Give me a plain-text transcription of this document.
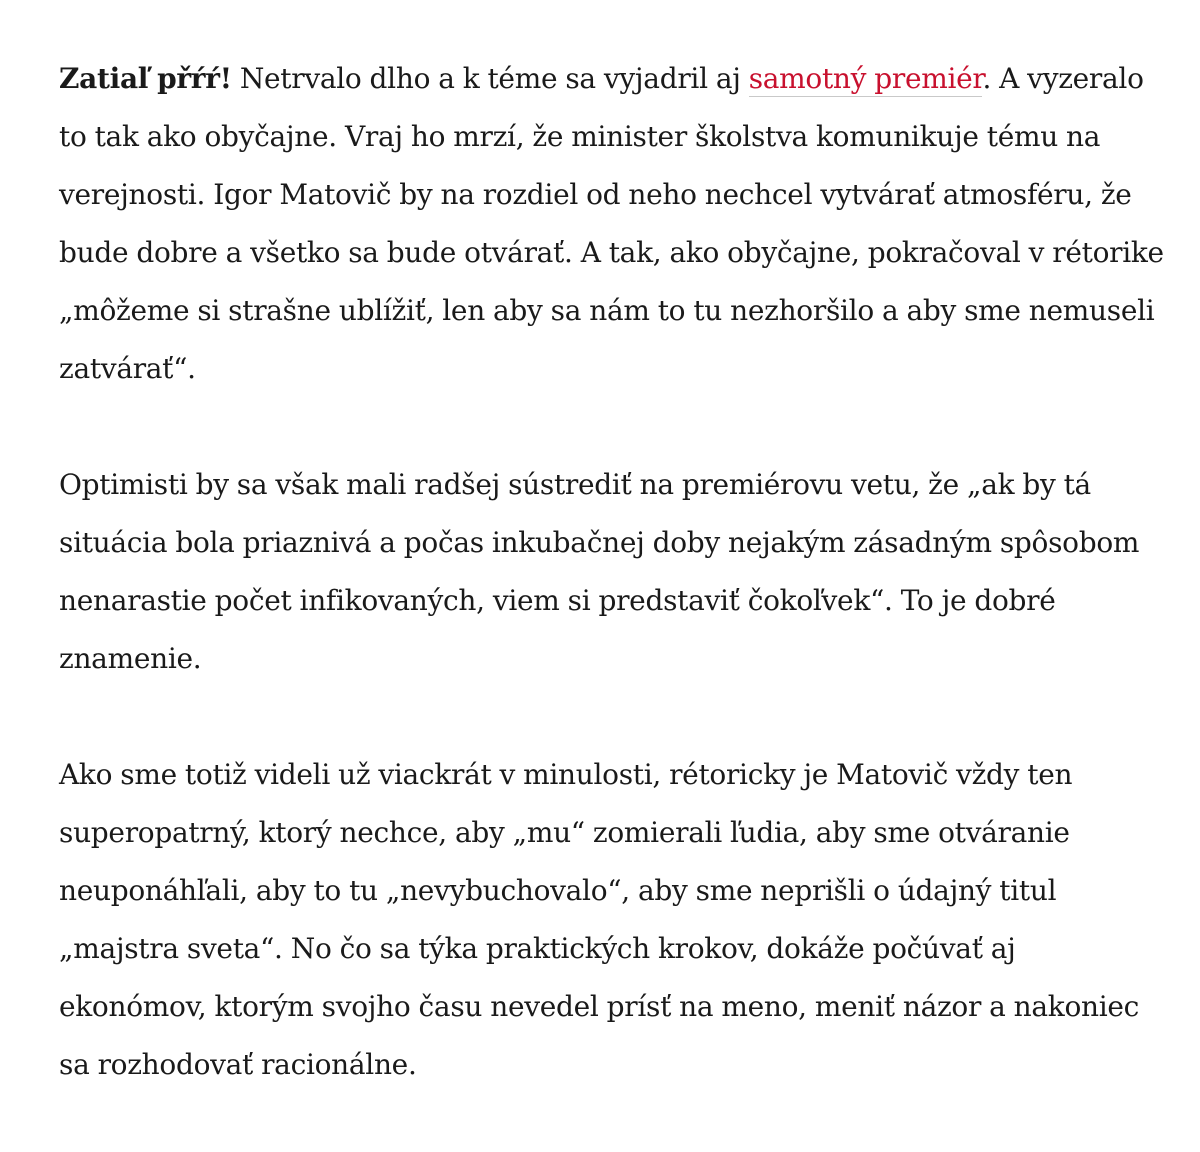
Zatiaľ přŕŕ! Netrvalo dlho a k téme sa vyjadril aj samotný premiér. A vyzeralo to tak ako obyčajne. Vraj ho mrzí, že minister školstva komunikuje tému na verejnosti. Igor Matovič by na rozdiel od neho nechcel vytvárať atmosféru, že bude dobre a všetko sa bude otvárať. A tak, ako obyčajne, pokračoval v rétorike „môžeme si strašne ublížiť, len aby sa nám to tu nezhoršilo a aby sme nemuseli zatvárať“.

Optimisti by sa však mali radšej sústrediť na premiérovu vetu, že „ak by tá situácia bola priaznivá a počas inkubačnej doby nejakým zásadným spôsobom nenarastie počet infikovaných, viem si predstaviť čokoľvek“. To je dobré znamenie.

Ako sme totiž videli už viackrát v minulosti, rétoricky je Matovič vždy ten superopatrný, ktorý nechce, aby „mu“ zomierali ľudia, aby sme otváranie neuponáhľali, aby to tu „nevybuchovalo“, aby sme neprišli o údajný titul „majstra sveta“. No čo sa týka praktických krokov, dokáže počúvať aj ekonómov, ktorým svojho času nevedel prísť na meno, meniť názor a nakoniec sa rozhodovať racionálne.
